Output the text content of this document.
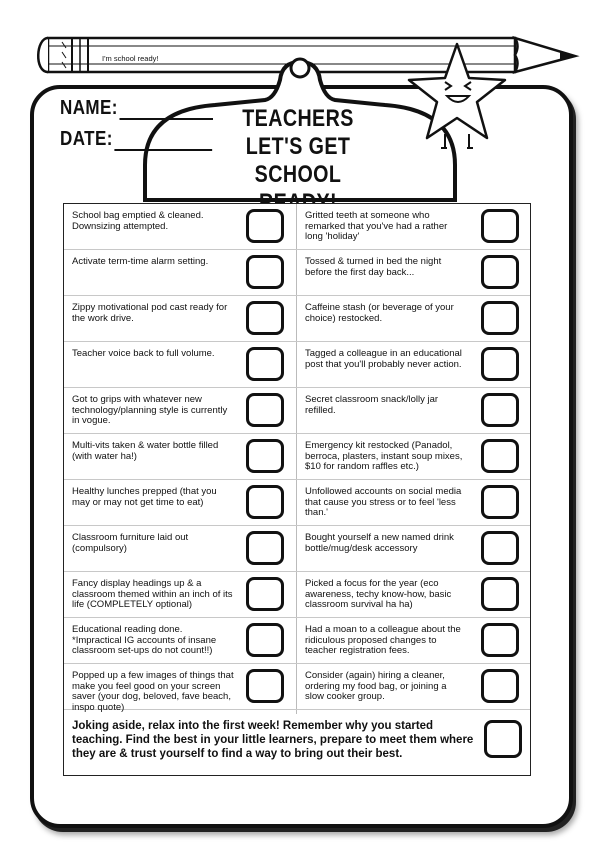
I'm school ready!
NAME:
DATE:
TEACHERS
LET'S GET
SCHOOL
School bag emptied & cleaned. Downsizing attempted.
Gritted teeth at someone who remarked that you've had a rather long 'holiday'
Activate term-time alarm setting.	Tossed & turned in bed the night before the first day back...
Zippy motivational pod cast ready for the work drive.
Caffeine stash (or beverage of your choice) restocked.
Teacher voice back to full volume.	Tagged a colleague in an educational post that you'll probably never action.
Got to grips with whatever new technology/planning style is currently in vogue.
Secret classroom snack/lolly jar refilled.
Multi-vits taken & water bottle filled (with water ha!)
Emergency kit restocked (Panadol, berroca, plasters, instant soup mixes, $10 for random raffles etc.)
Healthy lunches prepped (that you may or may not get time to eat)
Unfollowed accounts on social media that cause you stress or to feel 'less than.'
Classroom furniture laid out (compulsory)
Bought yourself a new named drink bottle/mug/desk accessory
Fancy display headings up & a classroom themed within an inch of its life (COMPLETELY optional)
Picked a focus for the year (eco awareness, techy know-how, basic classroom survival ha ha)
Educational reading done. *Impractical IG accounts of insane classroom set-ups do not count!!)
Had a moan to a colleague about the ridiculous proposed changes to teacher registration fees.
Popped up a few images of things that make you feel good on your screen saver (your dog, beloved, fave beach, inspo quote)
Consider (again) hiring a cleaner, ordering my food bag, or joining a slow cooker group.
Joking aside, relax into the first week! Remember why you started teaching. Find the best in your little learners, prepare to meet them where they are & trust yourself to find a way to bring out their best.
